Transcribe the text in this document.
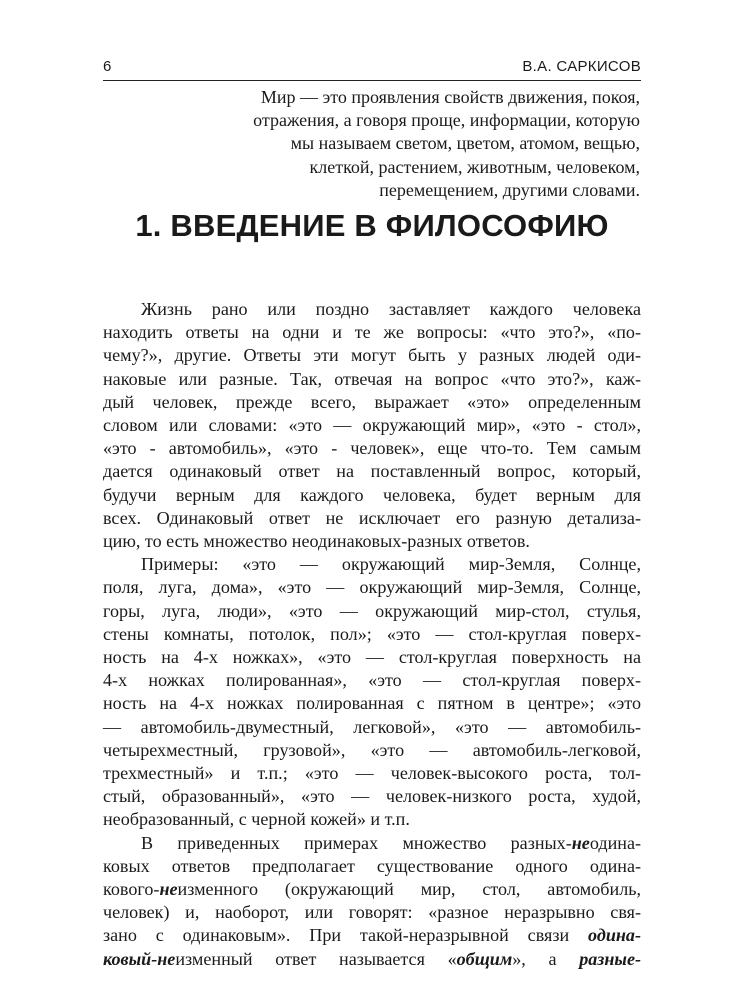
6	В.А. САРКИСОВ
Мир — это проявления свойств движения, покоя,
отражения, а говоря проще, информации, которую
мы называем светом, цветом, атомом, вещью,
клеткой, растением, животным, человеком,
перемещением, другими словами.
1. ВВЕДЕНИЕ В ФИЛОСОФИЮ
Жизнь рано или поздно заставляет каждого человека
находить ответы на одни и те же вопросы: «что это?», «по-
чему?», другие. Ответы эти могут быть у разных людей оди-
наковые или разные. Так, отвечая на вопрос «что это?», каж-
дый человек, прежде всего, выражает «это» определенным
словом или словами: «это — окружающий мир», «это - стол»,
«это - автомобиль», «это - человек», еще что-то. Тем самым
дается одинаковый ответ на поставленный вопрос, который,
будучи верным для каждого человека, будет верным для
всех. Одинаковый ответ не исключает его разную детализа-
цию, то есть множество неодинаковых-разных ответов.
Примеры: «это — окружающий мир-Земля, Солнце,
поля, луга, дома», «это — окружающий мир-Земля, Солнце,
горы, луга, люди», «это — окружающий мир-стол, стулья,
стены комнаты, потолок, пол»; «это — стол-круглая поверх-
ность на 4-х ножках», «это — стол-круглая поверхность на
4-х ножках полированная», «это — стол-круглая поверх-
ность на 4-х ножках полированная с пятном в центре»; «это
— автомобиль-двуместный, легковой», «это — автомобиль-
четырехместный, грузовой», «это — автомобиль-легковой,
трехместный» и т.п.; «это — человек-высокого роста, тол-
стый, образованный», «это — человек-низкого роста, худой,
необразованный, с черной кожей» и т.п.
В приведенных примерах множество разных-неодина-
ковых ответов предполагает существование одного одина-
кового-неизменного (окружающий мир, стол, автомобиль,
человек) и, наоборот, или говорят: «разное неразрывно свя-
зано с одинаковым». При такой-неразрывной связи одина-
ковый-неизменный ответ называется «общим», а разные-
